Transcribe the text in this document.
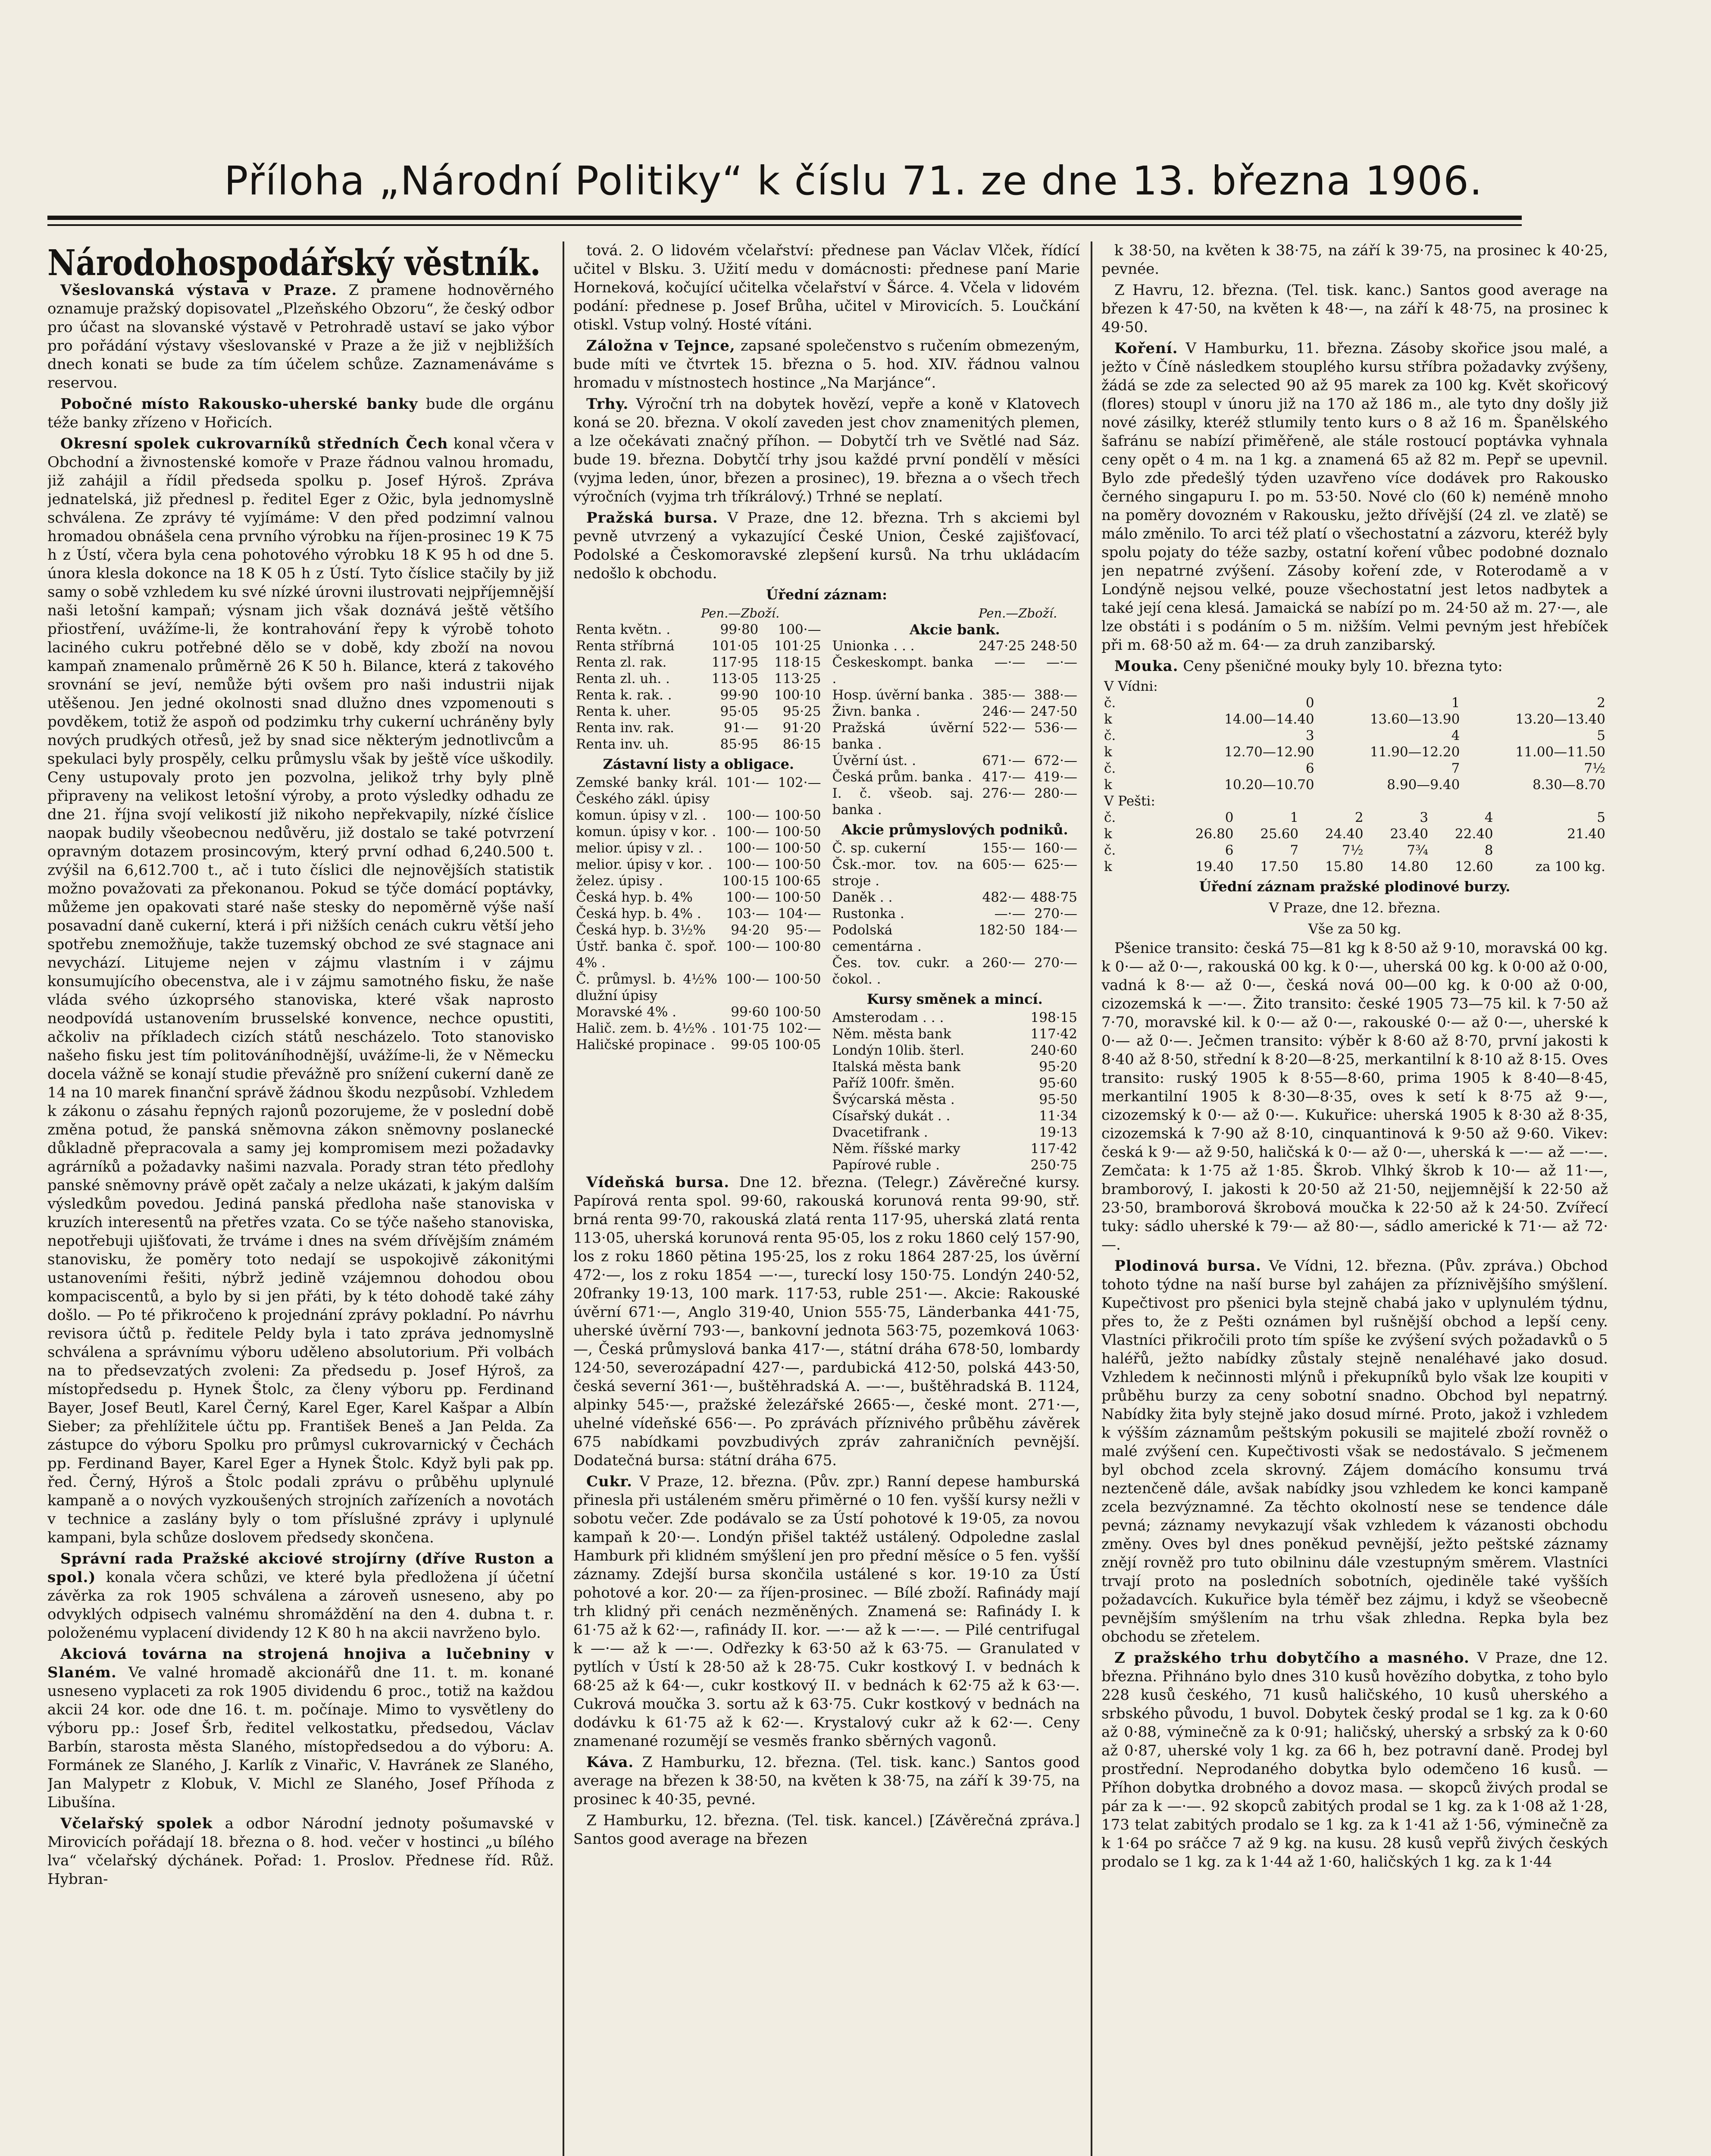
Příloha „Národní Politiky“ k číslu 71. ze dne 13. března 1906.
Národohospodářský věstník.

Všeslovanská výstava v Praze. Z pramene hodnověrného oznamuje pražský dopisovatel „Plzeňského Obzoru“, že český odbor pro účast na slovanské výstavě v Petrohradě ustaví se jako výbor pro pořádání výstavy všeslovanské v Praze a že již v nejbližších dnech konati se bude za tím účelem schůze. Zaznamenáváme s reservou.

Pobočné místo Rakousko-uherské banky bude dle orgánu téže banky zřízeno v Hořicích.

Okresní spolek cukrovarníků středních Čech konal včera v Obchodní a živnostenské komoře v Praze řádnou valnou hromadu, již zahájil a řídil předseda spolku p. Josef Hýroš. Zpráva jednatelská, již přednesl p. ředitel Eger z Ožic, byla jednomyslně schválena. Ze zprávy té vyjímáme: V den před podzimní valnou hromadou obnášela cena prvního výrobku na říjen-prosinec 19 K 75 h z Ústí, včera byla cena pohotového výrobku 18 K 95 h od dne 5. února klesla dokonce na 18 K 05 h z Ústí. Tyto číslice stačily by již samy o sobě vzhledem ku své nízké úrovni ilustrovati nejpříjemnější naši letošní kampaň; výsnam jich však doznává ještě většího přiostření, uvážíme-li, že kontrahování řepy k výrobě tohoto laciného cukru potřebné dělo se v době, kdy zboží na novou kampaň znamenalo průměrně 26 K 50 h. Bilance, která z takového srovnání se jeví, nemůže býti ovšem pro naši industrii nijak utěšenou. Jen jedné okolnosti snad dlužno dnes vzpomenouti s povděkem, totiž že aspoň od podzimku trhy cukerní uchráněny byly nových prudkých otřesů, jež by snad sice některým jednotlivcům a spekulaci byly prospěly, celku průmyslu však by ještě více uškodily. Ceny ustupovaly proto jen pozvolna, jelikož trhy byly plně připraveny na velikost letošní výroby, a proto výsledky odhadu ze dne 21. října svojí velikostí již nikoho nepřekvapily, nízké číslice naopak budily všeobecnou nedůvěru, již dostalo se také potvrzení opravným dotazem prosincovým, který první odhad 6,240.500 t. zvýšil na 6,612.700 t., ač i tuto číslici dle nejnovějších statistik možno považovati za překonanou. Pokud se týče domácí poptávky, můžeme jen opakovati staré naše stesky do nepoměrně výše naší posavadní daně cukerní, která i při nižších cenách cukru větší jeho spotřebu znemožňuje, takže tuzemský obchod ze své stagnace ani nevychází. Litujeme nejen v zájmu vlastním i v zájmu konsumujícího obecenstva, ale i v zájmu samotného fisku, že naše vláda svého úzkoprsého stanoviska, které však naprosto neodpovídá ustanovením brusselské konvence, nechce opustiti, ačkoliv na příkladech cizích států nescházelo. Toto stanovisko našeho fisku jest tím politováníhodnější, uvážíme-li, že v Německu docela vážně se konají studie převážně pro snížení cukerní daně ze 14 na 10 marek finanční správě žádnou škodu nezpůsobí. Vzhledem k zákonu o zásahu řepných rajonů pozorujeme, že v poslední době změna potud, že panská sněmovna zákon sněmovny poslanecké důkladně přepracovala a samy jej kompromisem mezi požadavky agrárníků a požadavky našimi nazvala. Porady stran této předlohy panské sněmovny právě opět začaly a nelze ukázati, k jakým dalším výsledkům povedou. Jediná panská předloha naše stanoviska v kruzích interesentů na přetřes vzata. Co se týče našeho stanoviska, nepotřebuji ujišťovati, že trváme i dnes na svém dřívějším známém stanovisku, že poměry toto nedají se uspokojivě zákonitými ustanoveními řešiti, nýbrž jedině vzájemnou dohodou obou kompaciscentů, a bylo by si jen přáti, by k této dohodě také záhy došlo. — Po té přikročeno k projednání zprávy pokladní. Po návrhu revisora účtů p. ředitele Peldy byla i tato zpráva jednomyslně schválena a správnímu výboru uděleno absolutorium. Při volbách na to předsevzatých zvoleni: Za předsedu p. Josef Hýroš, za místopředsedu p. Hynek Štolc, za členy výboru pp. Ferdinand Bayer, Josef Beutl, Karel Černý, Karel Eger, Karel Kašpar a Albín Sieber; za přehlížitele účtu pp. František Beneš a Jan Pelda. Za zástupce do výboru Spolku pro průmysl cukrovarnický v Čechách pp. Ferdinand Bayer, Karel Eger a Hynek Štolc. Když byli pak pp. řed. Černý, Hýroš a Štolc podali zprávu o průběhu uplynulé kampaně a o nových vyzkoušených strojních zařízeních a novotách v technice a zaslány byly o tom příslušné zprávy i uplynulé kampani, byla schůze doslovem předsedy skončena.

Správní rada Pražské akciové strojírny (dříve Ruston a spol.) konala včera schůzi, ve které byla předložena jí účetní závěrka za rok 1905 schválena a zároveň usneseno, aby po odvyklých odpisech valnému shromáždění na den 4. dubna t. r. položenému vyplacení dividendy 12 K 80 h na akcii navrženo bylo.

Akciová továrna na strojená hnojiva a lučebniny v Slaném. Ve valné hromadě akcionářů dne 11. t. m. konané usneseno vyplaceti za rok 1905 dividendu 6 proc., totiž na každou akcii 24 kor. ode dne 16. t. m. počínaje. Mimo to vysvětleny do výboru pp.: Josef Šrb, ředitel velkostatku, předsedou, Václav Barbín, starosta města Slaného, místopředsedou a do výboru: A. Formánek ze Slaného, J. Karlík z Vinařic, V. Havránek ze Slaného, Jan Malypetr z Klobuk, V. Michl ze Slaného, Josef Příhoda z Libušína.

Včelařský spolek a odbor Národní jednoty pošumavské v Mirovicích pořádají 18. března o 8. hod. večer v hostinci „u bílého lva“ včelařský dýchánek. Pořad: 1. Proslov. Přednese říd. Růž. Hybran-

tová. 2. O lidovém včelařství: přednese pan Václav Vlček, řídící učitel v Blsku. 3. Užití medu v domácnosti: přednese paní Marie Horneková, kočující učitelka včelařství v Šárce. 4. Včela v lidovém podání: přednese p. Josef Brůha, učitel v Mirovicích. 5. Loučkání otiskl. Vstup volný. Hosté vítáni.

Záložna v Tejnce, zapsané společenstvo s ručením obmezeným, bude míti ve čtvrtek 15. března o 5. hod. XIV. řádnou valnou hromadu v místnostech hostince „Na Marjánce“.

Trhy. Výroční trh na dobytek hovězí, vepře a koně v Klatovech koná se 20. března. V okolí zaveden jest chov znamenitých plemen, a lze očekávati značný příhon. — Dobytčí trh ve Světlé nad Sáz. bude 19. března. Dobytčí trhy jsou každé první pondělí v měsíci (vyjma leden, únor, březen a prosinec), 19. března a o všech třech výročních (vyjma trh tříkrálový.) Trhné se neplatí.

Pražská bursa. V Praze, dne 12. března. Trh s akciemi byl pevně utvrzený a vykazující České Union, České zajišťovací, Podolské a Českomoravské zlepšení kursů. Na trhu ukládacím nedošlo k obchodu.

Úřední záznam:
	Pen.—Zboží.	
Renta květn. .	99·80	100·—
Renta stříbrná	101·05	101·25
Renta zl. rak.	117·95	118·15
Renta zl. uh. .	113·05	113·25
Renta k. rak. .	99·90	100·10
Renta k. uher.	95·05	95·25
Renta inv. rak.	91·—	91·20
Renta inv. uh.	85·95	86·15
Zástavní listy a obligace.
Zemské banky král. Českého zákl. úpisy	101·—	102·—
komun. úpisy v zl. .	100·—	100·50
komun. úpisy v kor. .	100·—	100·50
melior. úpisy v zl. .	100·—	100·50
melior. úpisy v kor. .	100·—	100·50
želez. úpisy .	100·15	100·65
Česká hyp. b. 4%	100·—	100·50
Česká hyp. b. 4% .	103·—	104·—
Česká hyp. b. 3½%	94·20	95·—
Ústř. banka č. spoř. 4% .	100·—	100·80
Č. průmysl. b. 4½% dlužní úpisy	100·—	100·50
Moravské 4% .	99·60	100·50
Halič. zem. b. 4½% .	101·75	102·—
Haličské propinace .	99·05	100·05
	Pen.—Zboží.	
Akcie bank.		
Unionka . . .	247·25	248·50
Českeskompt. banka .	—·—	—·—
Hosp. úvěrní banka .	385·—	388·—
Živn. banka .	246·—	247·50
Pražská úvěrní banka .	522·—	536·—
Úvěrní úst. .	671·—	672·—
Česká prům. banka .	417·—	419·—
I. č. všeob. saj. banka .	276·—	280·—
Akcie průmyslových podniků.
Č. sp. cukerní	155·—	160·—
Čsk.-mor. tov. na stroje .	605·—	625·—
Daněk . .	482·—	488·75
Rustonka .	—·—	270·—
Podolská cementárna .	182·50	184·—
Čes. tov. cukr. a čokol. .	260·—	270·—
Kursy směnek a mincí.
Amsterodam . . .	198·15
Něm. města bank	117·42
Londýn 10lib. šterl.	240·60
Italská města bank	95·20
Paříž 100fr. šměn.	95·60
Švýcarská města .	95·50
Císařský dukát . .	11·34
Dvacetifrank .	19·13
Něm. říšské marky	117·42
Papírové ruble .	250·75

Vídeňská bursa. Dne 12. března. (Telegr.) Závěrečné kursy. Papírová renta spol. 99·60, rakouská korunová renta 99·90, stř. brná renta 99·70, rakouská zlatá renta 117·95, uherská zlatá renta 113·05, uherská korunová renta 95·05, los z roku 1860 celý 157·90, los z roku 1860 pětina 195·25, los z roku 1864 287·25, los úvěrní 472·—, los z roku 1854 —·—, tureckí losy 150·75. Londýn 240·52, 20franky 19·13, 100 mark. 117·53, ruble 251·—. Akcie: Rakouské úvěrní 671·—, Anglo 319·40, Union 555·75, Länderbanka 441·75, uherské úvěrní 793·—, bankovní jednota 563·75, pozemková 1063·—, Česká průmyslová banka 417·—, státní dráha 678·50, lombardy 124·50, severozápadní 427·—, pardubická 412·50, polská 443·50, česká severní 361·—, buštěhradská A. —·—, buštěhradská B. 1124, alpinky 545·—, pražské železářské 2665·—, české mont. 271·—, uhelné vídeňské 656·—. Po zprávách příznivého průběhu závěrek 675 nabídkami povzbudivých zpráv zahraničních pevnější. Dodatečná bursa: státní dráha 675.

Cukr. V Praze, 12. března. (Pův. zpr.) Ranní depese hamburská přinesla při ustáleném směru přiměrné o 10 fen. vyšší kursy nežli v sobotu večer. Zde podávalo se za Ústí pohotové k 19·05, za novou kampaň k 20·—. Londýn přišel taktéž ustálený. Odpoledne zaslal Hamburk při klidném smýšlení jen pro přední měsíce o 5 fen. vyšší záznamy. Zdejší bursa skončila ustálené s kor. 19·10 za Ústí pohotové a kor. 20·— za říjen-prosinec. — Bílé zboží. Rafinády mají trh klidný při cenách nezměněných. Znamená se: Rafinády I. k 61·75 až k 62·—, rafinády II. kor. —·— až k —·—. — Pilé centrifugal k —·— až k —·—. Odřezky k 63·50 až k 63·75. — Granulated v pytlích v Ústí k 28·50 až k 28·75. Cukr kostkový I. v bednách k 68·25 až k 64·—, cukr kostkový II. v bednách k 62·75 až k 63·—. Cukrová moučka 3. sortu až k 63·75. Cukr kostkový v bednách na dodávku k 61·75 až k 62·—. Krystalový cukr až k 62·—. Ceny znamenané rozumějí se vesměs franko sběrných vagonů.

Káva. Z Hamburku, 12. března. (Tel. tisk. kanc.) Santos good average na březen k 38·50, na květen k 38·75, na září k 39·75, na prosinec k 40·35, pevné.

Z Hamburku, 12. března. (Tel. tisk. kancel.) [Závěrečná zpráva.] Santos good average na březen

k 38·50, na květen k 38·75, na září k 39·75, na prosinec k 40·25, pevnée.

Z Havru, 12. března. (Tel. tisk. kanc.) Santos good average na březen k 47·50, na květen k 48·—, na září k 48·75, na prosinec k 49·50.

Koření. V Hamburku, 11. března. Zásoby skořice jsou malé, a ježto v Číně následkem stouplého kursu stříbra požadavky zvýšeny, žádá se zde za selected 90 až 95 marek za 100 kg. Květ skořicový (flores) stoupl v únoru již na 170 až 186 m., ale tyto dny došly již nové zásilky, kteréž stlumily tento kurs o 8 až 16 m. Španělského šafránu se nabízí přiměřeně, ale stále rostoucí poptávka vyhnala ceny opět o 4 m. na 1 kg. a znamená 65 až 82 m. Pepř se upevnil. Bylo zde předešlý týden uzavřeno více dodávek pro Rakousko černého singapuru I. po m. 53·50. Nové clo (60 k) neméně mnoho na poměry dovozném v Rakousku, ježto dřívější (24 zl. ve zlatě) se málo změnilo. To arci též platí o všechostatní a zázvoru, kteréž byly spolu pojaty do téže sazby, ostatní koření vůbec podobné doznalo jen nepatrné zvýšení. Zásoby koření zde, v Roterodamě a v Londýně nejsou velké, pouze všechostatní jest letos nadbytek a také její cena klesá. Jamaická se nabízí po m. 24·50 až m. 27·—, ale lze obstáti i s podáním o 5 m. nižším. Velmi pevným jest hřebíček při m. 68·50 až m. 64·— za druh zanzibarský.

Mouka. Ceny pšeničné mouky byly 10. března tyto:

V Vídni:			
č.	0	1	2
k	14.00—14.40	13.60—13.90	13.20—13.40
č.	3	4	5
k	12.70—12.90	11.90—12.20	11.00—11.50
č.	6	7	7½
k	10.20—10.70	8.90—9.40	8.30—8.70
V Pešti:						
č.	0	1	2	3	4	5
k	26.80	25.60	24.40	23.40	22.40	21.40
č.	6	7	7½	7¾	8	
k	19.40	17.50	15.80	14.80	12.60	za 100 kg.
Úřední záznam pražské plodinové burzy.
V Praze, dne 12. března.
Vše za 50 kg.

Pšenice transito: česká 75—81 kg k 8·50 až 9·10, moravská 00 kg. k 0·— až 0·—, rakouská 00 kg. k 0·—, uherská 00 kg. k 0·00 až 0·00, vadná k 8·— až 0·—, česká nová 00—00 kg. k 0·00 až 0·00, cizozemská k —·—. Žito transito: české 1905 73—75 kil. k 7·50 až 7·70, moravské kil. k 0·— až 0·—, rakouské 0·— až 0·—, uherské k 0·— až 0·—. Ječmen transito: výběr k 8·60 až 8·70, první jakosti k 8·40 až 8·50, střední k 8·20—8·25, merkantilní k 8·10 až 8·15. Oves transito: ruský 1905 k 8·55—8·60, prima 1905 k 8·40—8·45, merkantilní 1905 k 8·30—8·35, oves k setí k 8·75 až 9·—, cizozemský k 0·— až 0·—. Kukuřice: uherská 1905 k 8·30 až 8·35, cizozemská k 7·90 až 8·10, cinquantinová k 9·50 až 9·60. Vikev: česká k 9·— až 9·50, haličská k 0·— až 0·—, uherská k —·— až —·—. Zemčata: k 1·75 až 1·85. Škrob. Vlhký škrob k 10·— až 11·—, bramborový, I. jakosti k 20·50 až 21·50, nejjemnější k 22·50 až 23·50, bramborová škrobová moučka k 22·50 až k 24·50. Zvířecí tuky: sádlo uherské k 79·— až 80·—, sádlo americké k 71·— až 72·—.

Plodinová bursa. Ve Vídni, 12. března. (Pův. zpráva.) Obchod tohoto týdne na naší burse byl zahájen za příznivějšího smýšlení. Kupečtivost pro pšenici byla stejně chabá jako v uplynulém týdnu, přes to, že z Pešti oznámen byl rušnější obchod a lepší ceny. Vlastníci přikročili proto tím spíše ke zvýšení svých požadavků o 5 haléřů, ježto nabídky zůstaly stejně nenaléhavé jako dosud. Vzhledem k nečinnosti mlýnů i překupníků bylo však lze koupiti v průběhu burzy za ceny sobotní snadno. Obchod byl nepatrný. Nabídky žita byly stejně jako dosud mírné. Proto, jakož i vzhledem k výšším záznamům peštským pokusili se majitelé zboží rovněž o malé zvýšení cen. Kupečtivosti však se nedostávalo. S ječmenem byl obchod zcela skrovný. Zájem domácího konsumu trvá neztenčeně dále, avšak nabídky jsou vzhledem ke konci kampaně zcela bezvýznamné. Za těchto okolností nese se tendence dále pevná; záznamy nevykazují však vzhledem k vázanosti obchodu změny. Oves byl dnes poněkud pevnější, ježto peštské záznamy znějí rovněž pro tuto obilninu dále vzestupným směrem. Vlastníci trvají proto na posledních sobotních, ojediněle také vyšších požadavcích. Kukuřice byla téměř bez zájmu, i když se všeobecně pevnějším smýšlením na trhu však zhledna. Repka byla bez obchodu se zřetelem.

Z pražského trhu dobytčího a masného. V Praze, dne 12. března. Přihnáno bylo dnes 310 kusů hovězího dobytka, z toho bylo 228 kusů českého, 71 kusů haličského, 10 kusů uherského a srbského původu, 1 buvol. Dobytek český prodal se 1 kg. za k 0·60 až 0·88, výminečně za k 0·91; haličský, uherský a srbský za k 0·60 až 0·87, uherské voly 1 kg. za 66 h, bez potravní daně. Prodej byl prostřední. Neprodaného dobytka bylo odemčeno 16 kusů. — Příhon dobytka drobného a dovoz masa. — skopců živých prodal se pár za k —·—. 92 skopců zabitých prodal se 1 kg. za k 1·08 až 1·28, 173 telat zabitých prodalo se 1 kg. za k 1·41 až 1·56, výminečně za k 1·64 po sráčce 7 až 9 kg. na kusu. 28 kusů vepřů živých českých prodalo se 1 kg. za k 1·44 až 1·60, haličských 1 kg. za k 1·44
